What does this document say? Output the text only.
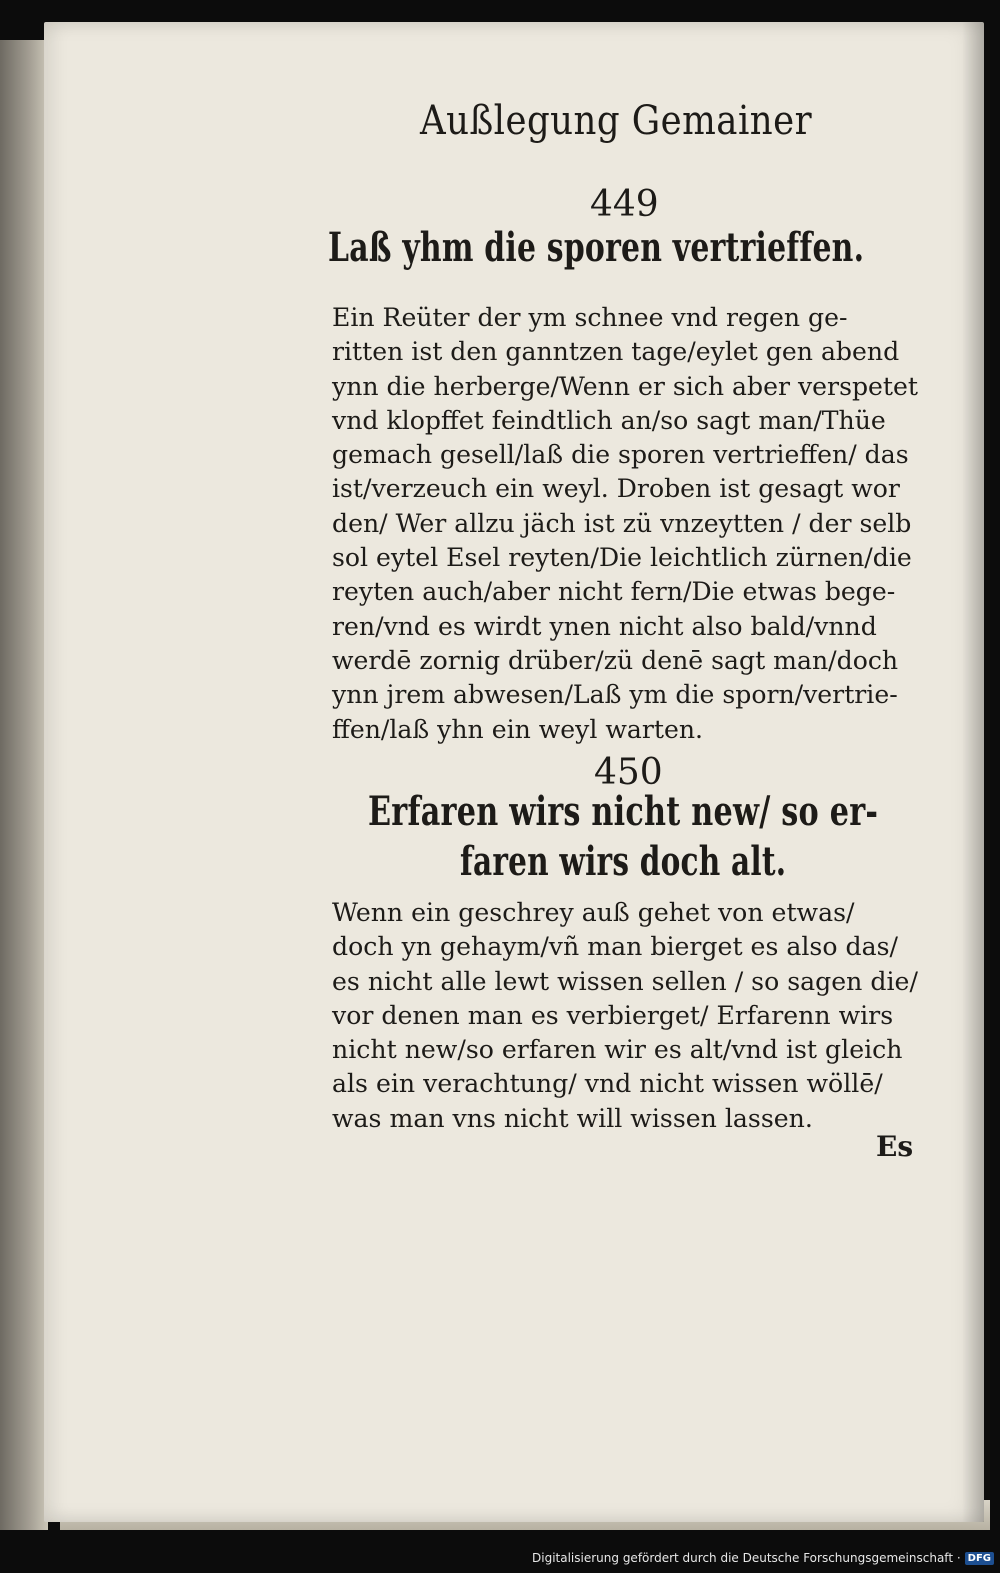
Außlegung Gemainer
449
Laß yhm die sporen vertrieffen.
Ein Reüter der ym schnee vnd regen ge-
ritten ist den ganntzen tage/eylet gen abend
ynn die herberge/Wenn er sich aber verspetet
vnd klopffet feindtlich an/so sagt man/Thüe
gemach gesell/laß die sporen vertrieffen/ das
ist/verzeuch ein weyl. Droben ist gesagt wor
den/ Wer allzu jäch ist zü vnzeytten / der selb
sol eytel Esel reyten/Die leichtlich zürnen/die
reyten auch/aber nicht fern/Die etwas bege-
ren/vnd es wirdt ynen nicht also bald/vnnd
werdē zornig drüber/zü denē sagt man/doch
ynn jrem abwesen/Laß ym die sporn/vertrie-
ffen/laß yhn ein weyl warten.
450
Erfaren wirs nicht new/ so er-
faren wirs doch alt.
Wenn ein geschrey auß gehet von etwas/
doch yn gehaym/vñ man bierget es also das/
es nicht alle lewt wissen sellen / so sagen die/
vor denen man es verbierget/ Erfarenn wirs
nicht new/so erfaren wir es alt/vnd ist gleich
als ein verachtung/ vnd nicht wissen wöllē/
was man vns nicht will wissen lassen.
Es
Digitalisierung gefördert durch die Deutsche Forschungsgemeinschaft · DFG
